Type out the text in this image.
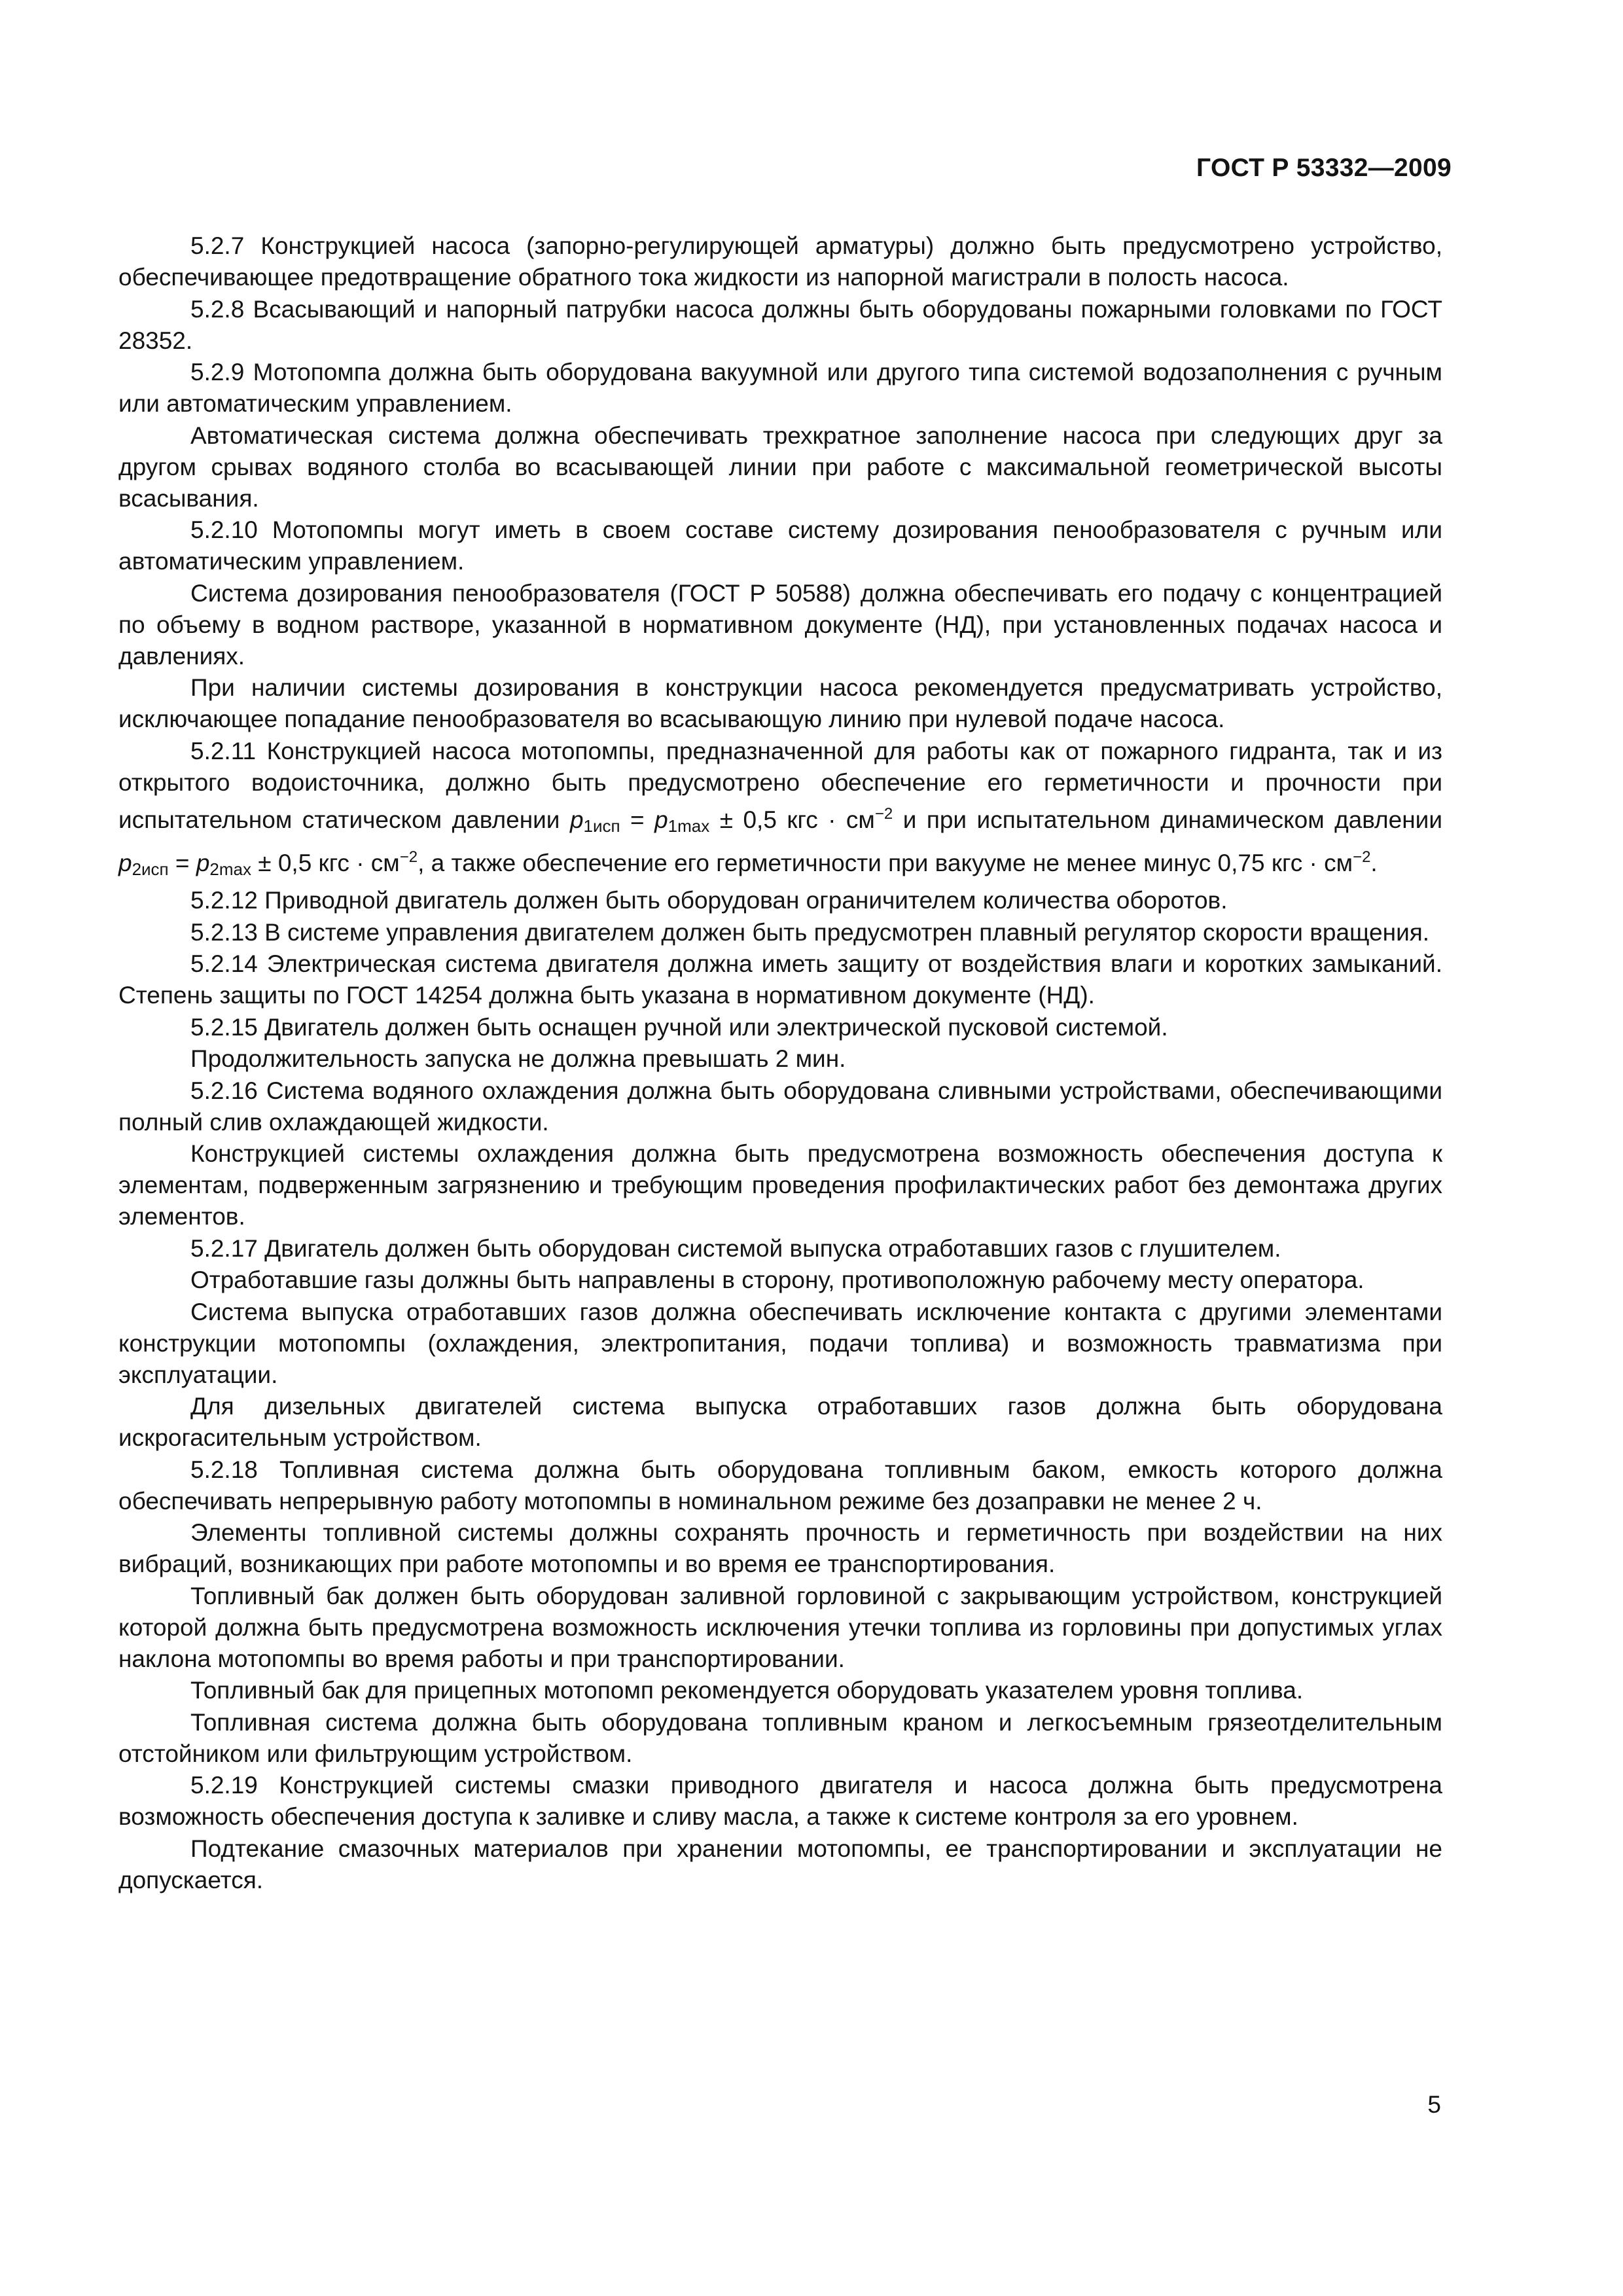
ГОСТ Р 53332—2009

5.2.7 Конструкцией насоса (запорно-регулирующей арматуры) должно быть предусмотрено устройство, обеспечивающее предотвращение обратного тока жидкости из напорной магистрали в полость насоса.

5.2.8 Всасывающий и напорный патрубки насоса должны быть оборудованы пожарными головками по ГОСТ 28352.

5.2.9 Мотопомпа должна быть оборудована вакуумной или другого типа системой водозаполнения с ручным или автоматическим управлением.

Автоматическая система должна обеспечивать трехкратное заполнение насоса при следующих друг за другом срывах водяного столба во всасывающей линии при работе с максимальной геометрической высоты всасывания.

5.2.10 Мотопомпы могут иметь в своем составе систему дозирования пенообразователя с ручным или автоматическим управлением.

Система дозирования пенообразователя (ГОСТ Р 50588) должна обеспечивать его подачу с концентрацией по объему в водном растворе, указанной в нормативном документе (НД), при установленных подачах насоса и давлениях.

При наличии системы дозирования в конструкции насоса рекомендуется предусматривать устройство, исключающее попадание пенообразователя во всасывающую линию при нулевой подаче насоса.

5.2.11 Конструкцией насоса мотопомпы, предназначенной для работы как от пожарного гидранта, так и из открытого водоисточника, должно быть предусмотрено обеспечение его герметичности и прочности при испытательном статическом давлении $p_{1исп} = p_{1max} \pm 0,5$ кгс · $см^{-2}$ и при испытательном динамическом давлении $p_{2исп} = p_{2max} \pm 0,5$ кгс · $см^{-2}$, а также обеспечение его герметичности при вакууме не менее минус 0,75 кгс · $см^{-2}$.

5.2.12 Приводной двигатель должен быть оборудован ограничителем количества оборотов.

5.2.13 В системе управления двигателем должен быть предусмотрен плавный регулятор скорости вращения.

5.2.14 Электрическая система двигателя должна иметь защиту от воздействия влаги и коротких замыканий. Степень защиты по ГОСТ 14254 должна быть указана в нормативном документе (НД).

5.2.15 Двигатель должен быть оснащен ручной или электрической пусковой системой.

Продолжительность запуска не должна превышать 2 мин.

5.2.16 Система водяного охлаждения должна быть оборудована сливными устройствами, обеспечивающими полный слив охлаждающей жидкости.

Конструкцией системы охлаждения должна быть предусмотрена возможность обеспечения доступа к элементам, подверженным загрязнению и требующим проведения профилактических работ без демонтажа других элементов.

5.2.17 Двигатель должен быть оборудован системой выпуска отработавших газов с глушителем.

Отработавшие газы должны быть направлены в сторону, противоположную рабочему месту оператора.

Система выпуска отработавших газов должна обеспечивать исключение контакта с другими элементами конструкции мотопомпы (охлаждения, электропитания, подачи топлива) и возможность травматизма при эксплуатации.

Для дизельных двигателей система выпуска отработавших газов должна быть оборудована искрогасительным устройством.

5.2.18 Топливная система должна быть оборудована топливным баком, емкость которого должна обеспечивать непрерывную работу мотопомпы в номинальном режиме без дозаправки не менее 2 ч.

Элементы топливной системы должны сохранять прочность и герметичность при воздействии на них вибраций, возникающих при работе мотопомпы и во время ее транспортирования.

Топливный бак должен быть оборудован заливной горловиной с закрывающим устройством, конструкцией которой должна быть предусмотрена возможность исключения утечки топлива из горловины при допустимых углах наклона мотопомпы во время работы и при транспортировании.

Топливный бак для прицепных мотопомп рекомендуется оборудовать указателем уровня топлива.

Топливная система должна быть оборудована топливным краном и легкосъемным грязеотделительным отстойником или фильтрующим устройством.

5.2.19 Конструкцией системы смазки приводного двигателя и насоса должна быть предусмотрена возможность обеспечения доступа к заливке и сливу масла, а также к системе контроля за его уровнем.

Подтекание смазочных материалов при хранении мотопомпы, ее транспортировании и эксплуатации не допускается.

5
